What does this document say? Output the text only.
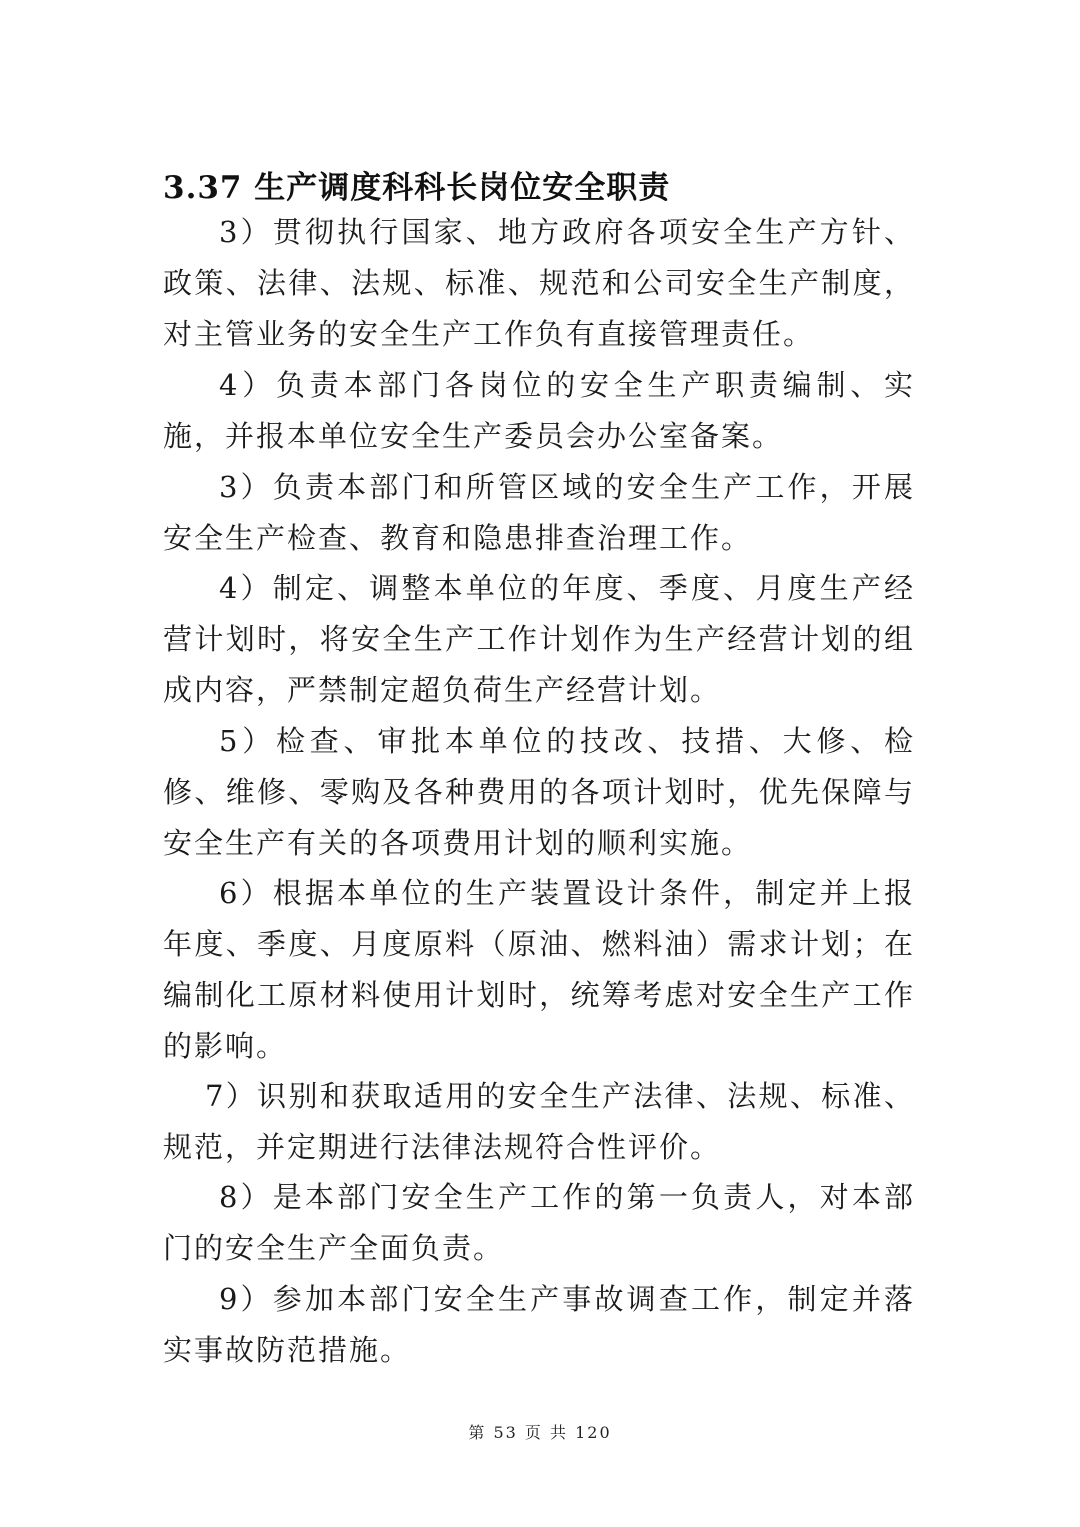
3.37 生产调度科科长岗位安全职责

3）贯彻执行国家、地方政府各项安全生产方针、政策、法律、法规、标准、规范和公司安全生产制度，对主管业务的安全生产工作负有直接管理责任。

4）负责本部门各岗位的安全生产职责编制、实施，并报本单位安全生产委员会办公室备案。

3）负责本部门和所管区域的安全生产工作，开展安全生产检查、教育和隐患排查治理工作。

4）制定、调整本单位的年度、季度、月度生产经营计划时，将安全生产工作计划作为生产经营计划的组成内容，严禁制定超负荷生产经营计划。

5）检查、审批本单位的技改、技措、大修、检修、维修、零购及各种费用的各项计划时，优先保障与安全生产有关的各项费用计划的顺利实施。

6）根据本单位的生产装置设计条件，制定并上报年度、季度、月度原料（原油、燃料油）需求计划；在编制化工原材料使用计划时，统筹考虑对安全生产工作的影响。

7）识别和获取适用的安全生产法律、法规、标准、规范，并定期进行法律法规符合性评价。

8）是本部门安全生产工作的第一负责人，对本部门的安全生产全面负责。

9）参加本部门安全生产事故调查工作，制定并落实事故防范措施。

第 53 页 共 120
